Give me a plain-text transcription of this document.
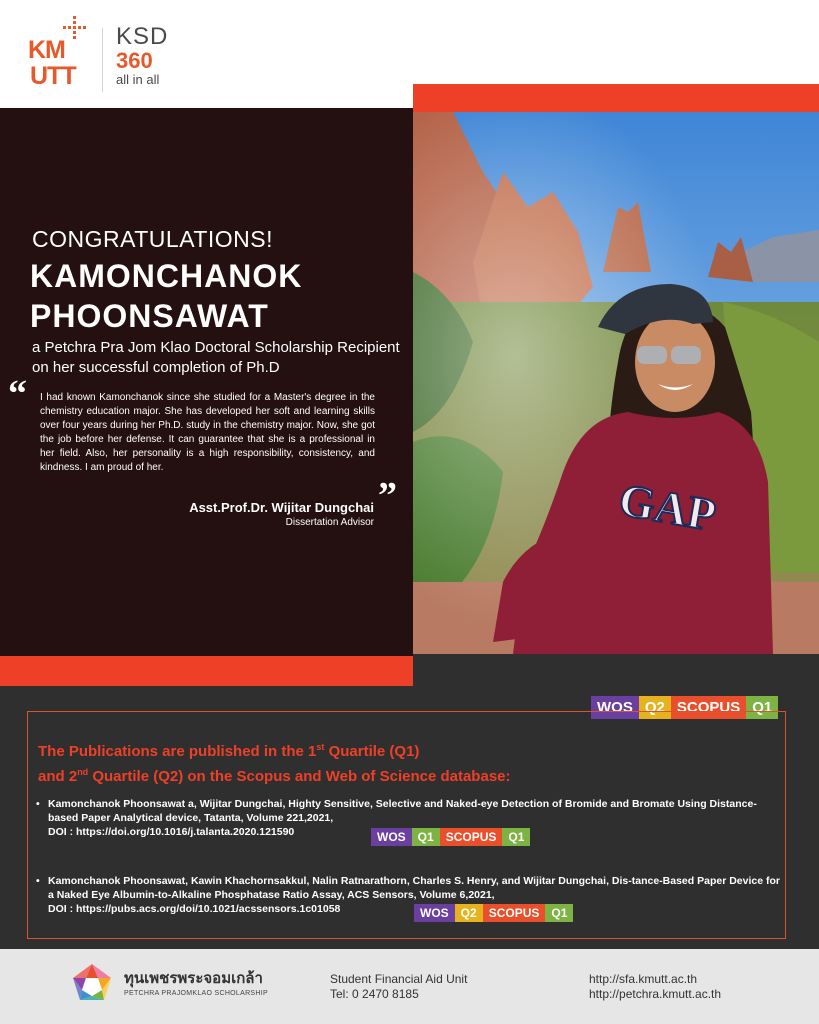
KM
UTT
KSD
360
all in all
GAP
CONGRATULATIONS!
KAMONCHANOK PHOONSAWAT
a Petchra Pra Jom Klao Doctoral Scholarship Recipient on her successful completion of Ph.D
“ I had known Kamonchanok since she studied for a Master's degree in the chemistry education major. She has developed her soft and learning skills over four years during her Ph.D. study in the chemistry major. Now, she got the job before her defense. It can guarantee that she is a professional in her field. Also, her personality is a high responsibility, consistency, and kindness. I am proud of her.
”
Asst.Prof.Dr. Wijitar Dungchai
Dissertation Advisor
WOS Q2 SCOPUS Q1
The Publications are published in the 1st Quartile (Q1)
and 2nd Quartile (Q2) on the Scopus and Web of Science database:
• Kamonchanok Phoonsawat a, Wijitar Dungchai, Highty Sensitive, Selective and Naked-eye Detection of Bromide and Bromate Using Distance-based Paper Analytical device, Tatanta, Volume 221,2021,
DOI : https://doi.org/10.1016/j.talanta.2020.121590	WOS	Q1	SCOPUS	Q1
• Kamonchanok Phoonsawat, Kawin Khachornsakkul, Nalin Ratnarathorn, Charles S. Henry, and Wijitar Dungchai, Dis-tance-Based Paper Device for a Naked Eye Albumin-to-Alkaline Phosphatase Ratio Assay, ACS Sensors, Volume 6,2021,
DOI : https://pubs.acs.org/doi/10.1021/acssensors.1c01058	WOS	Q2	SCOPUS	Q1
ทุนเพชรพระจอมเกล้า
PETCHRA PRAJOMKLAO SCHOLARSHIP
Student Financial Aid Unit
Tel: 0 2470 8185
http://sfa.kmutt.ac.th
http://petchra.kmutt.ac.th
